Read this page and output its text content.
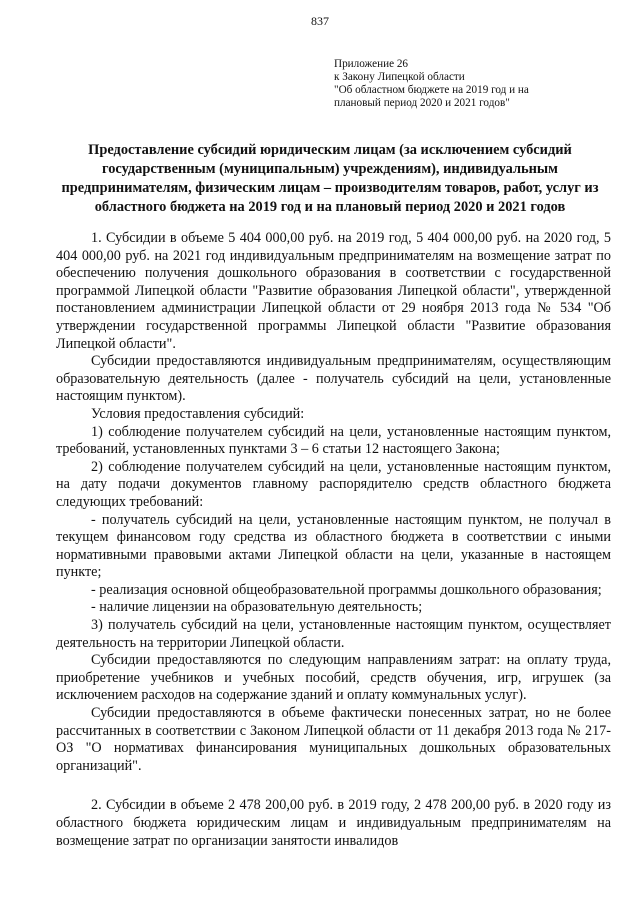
837
Приложение 26
к Закону Липецкой области
"Об областном бюджете на 2019 год и на
плановый период 2020 и 2021 годов"
Предоставление субсидий юридическим лицам (за исключением субсидий государственным (муниципальным) учреждениям), индивидуальным предпринимателям, физическим лицам – производителям товаров, работ, услуг из областного бюджета на 2019 год и на плановый период 2020 и 2021 годов

1. Субсидии в объеме 5 404 000,00 руб. на 2019 год, 5 404 000,00 руб. на 2020 год, 5 404 000,00 руб. на 2021 год индивидуальным предпринимателям на возмещение затрат по обеспечению получения дошкольного образования в соответствии с государственной программой Липецкой области "Развитие образования Липецкой области", утвержденной постановлением администрации Липецкой области от 29 ноября 2013 года № 534 "Об утверждении государственной программы Липецкой области "Развитие образования Липецкой области".

Субсидии предоставляются индивидуальным предпринимателям, осуществляющим образовательную деятельность (далее - получатель субсидий на цели, установленные настоящим пунктом).

Условия предоставления субсидий:

1) соблюдение получателем субсидий на цели, установленные настоящим пунктом, требований, установленных пунктами 3 – 6 статьи 12 настоящего Закона;

2) соблюдение получателем субсидий на цели, установленные настоящим пунктом, на дату подачи документов главному распорядителю средств областного бюджета следующих требований:

- получатель субсидий на цели, установленные настоящим пунктом, не получал в текущем финансовом году средства из областного бюджета в соответствии с иными нормативными правовыми актами Липецкой области на цели, указанные в настоящем пункте;

- реализация основной общеобразовательной программы дошкольного образования;

- наличие лицензии на образовательную деятельность;

3) получатель субсидий на цели, установленные настоящим пунктом, осуществляет деятельность на территории Липецкой области.

Субсидии предоставляются по следующим направлениям затрат: на оплату труда, приобретение учебников и учебных пособий, средств обучения, игр, игрушек (за исключением расходов на содержание зданий и оплату коммунальных услуг).

Субсидии предоставляются в объеме фактически понесенных затрат, но не более рассчитанных в соответствии с Законом Липецкой области от 11 декабря 2013 года № 217-ОЗ "О нормативах финансирования муниципальных дошкольных образовательных организаций".

2. Субсидии в объеме 2 478 200,00 руб. в 2019 году, 2 478 200,00 руб. в 2020 году из областного бюджета юридическим лицам и индивидуальным предпринимателям на возмещение затрат по организации занятости инвалидов
